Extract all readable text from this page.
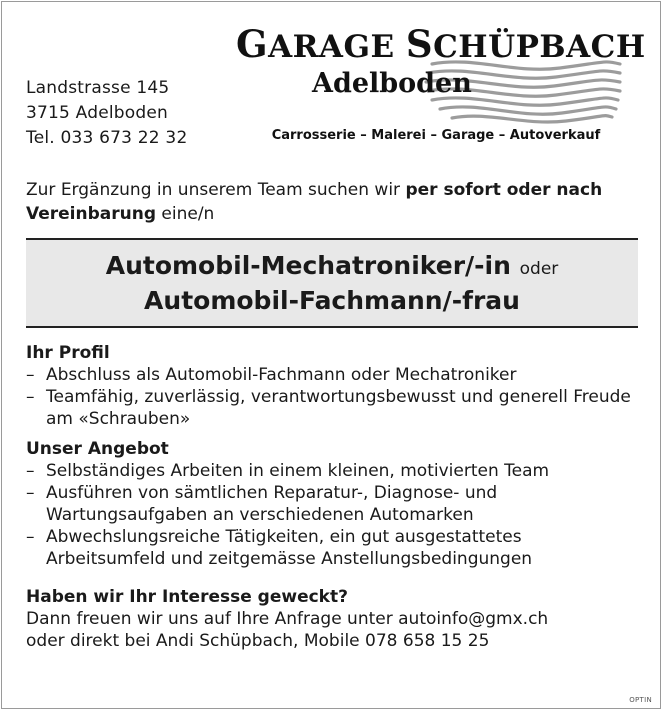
GARAGE SCHÜPBACH
Adelboden
Carrosserie – Malerei – Garage – Autoverkauf
Landstrasse 145
3715 Adelboden
Tel. 033 673 22 32
Zur Ergänzung in unserem Team suchen wir per sofort oder nach Vereinbarung eine/n
Automobil-Mechatroniker/-in oder
Automobil-Fachmann/-frau
Ihr Profil
– Abschluss als Automobil-Fachmann oder Mechatroniker
– Teamfähig, zuverlässig, verantwortungsbewusst und generell Freude am «Schrauben»
Unser Angebot
– Selbständiges Arbeiten in einem kleinen, motivierten Team
– Ausführen von sämtlichen Reparatur-, Diagnose- und Wartungsaufgaben an verschiedenen Automarken
– Abwechslungsreiche Tätigkeiten, ein gut ausgestattetes Arbeitsumfeld und zeitgemässe Anstellungsbedingungen
Haben wir Ihr Interesse geweckt?
Dann freuen wir uns auf Ihre Anfrage unter autoinfo@gmx.ch
oder direkt bei Andi Schüpbach, Mobile 078 658 15 25
OPTIN
